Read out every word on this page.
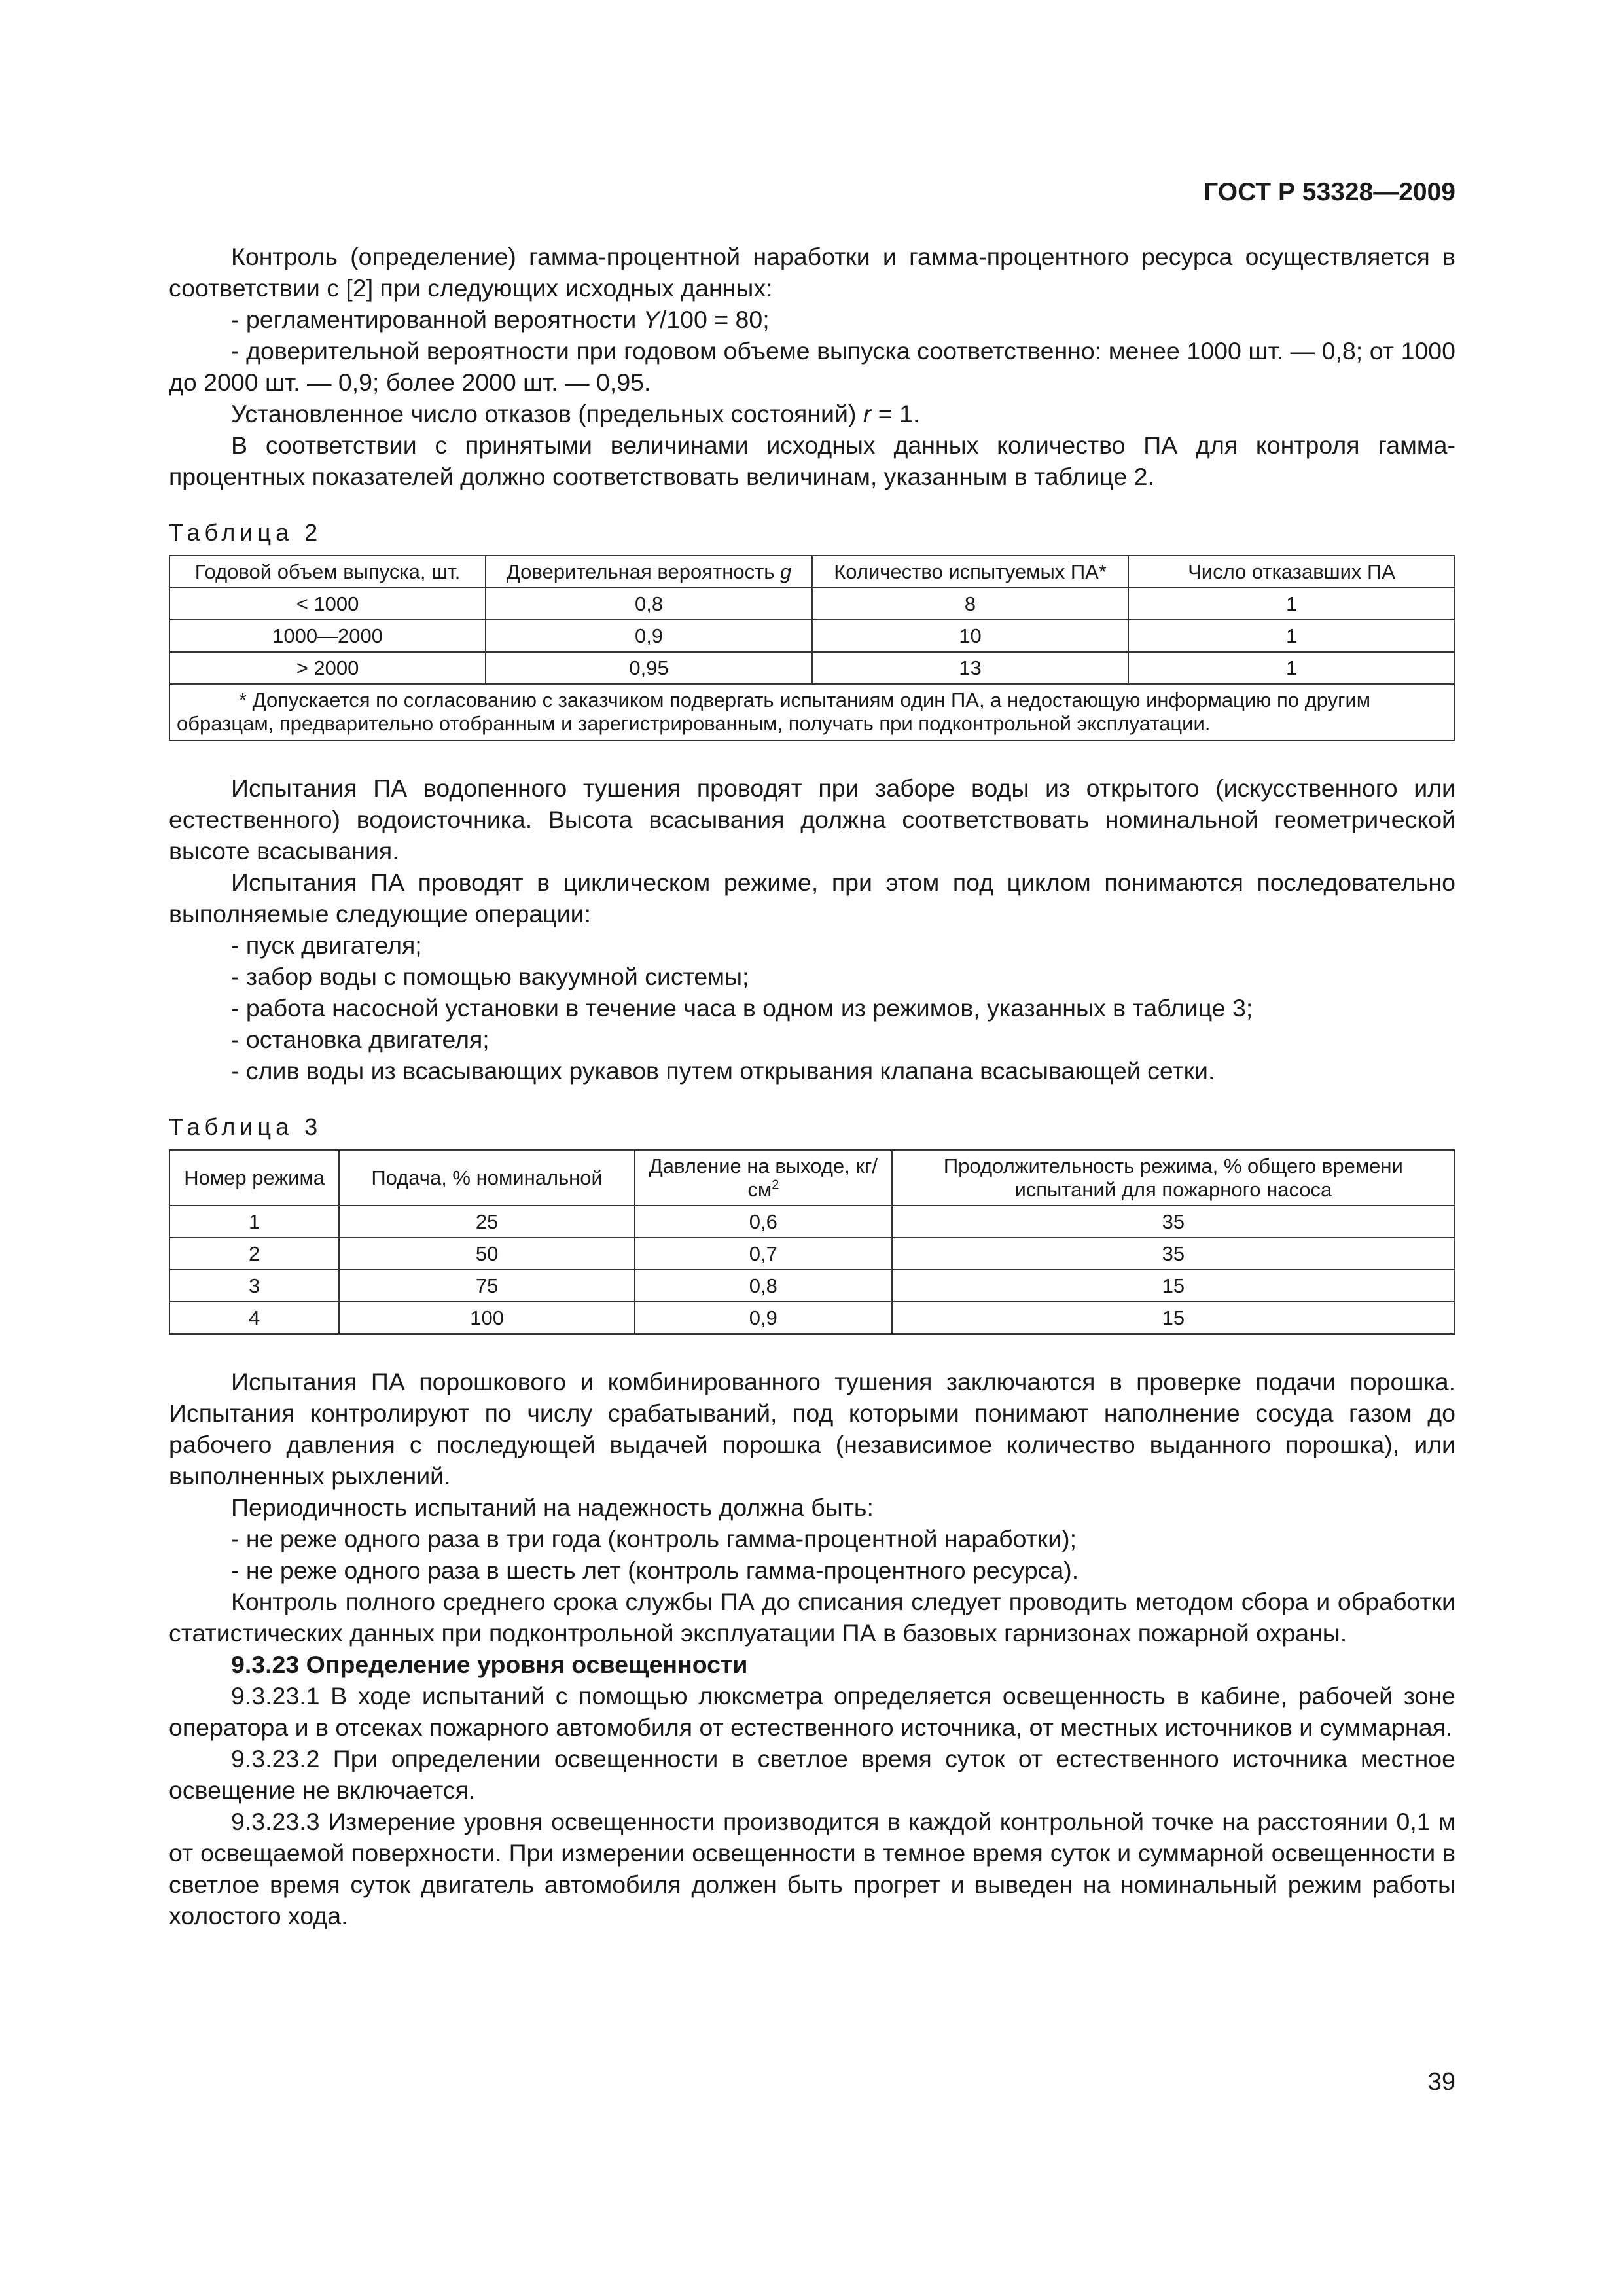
ГОСТ Р 53328—2009

Контроль (определение) гамма-процентной наработки и гамма-процентного ресурса осуществляется в соответствии с [2] при следующих исходных данных:

- регламентированной вероятности Y/100 = 80;

- доверительной вероятности при годовом объеме выпуска соответственно: менее 1000 шт. — 0,8; от 1000 до 2000 шт. — 0,9; более 2000 шт. — 0,95.

Установленное число отказов (предельных состояний) r = 1.

В соответствии с принятыми величинами исходных данных количество ПА для контроля гамма-процентных показателей должно соответствовать величинам, указанным в таблице 2.

Таблица 2
Годовой объем выпуска, шт.	Доверительная вероятность g	Количество испытуемых ПА*	Число отказавших ПА
< 1000	0,8	8	1
1000—2000	0,9	10	1
> 2000	0,95	13	1

* Допускается по согласованию с заказчиком подвергать испытаниям один ПА, а недостающую информацию по другим образцам, предварительно отобранным и зарегистрированным, получать при подконтрольной эксплуатации.			

Испытания ПА водопенного тушения проводят при заборе воды из открытого (искусственного или естественного) водоисточника. Высота всасывания должна соответствовать номинальной геометрической высоте всасывания.

Испытания ПА проводят в циклическом режиме, при этом под циклом понимаются последовательно выполняемые следующие операции:

- пуск двигателя;

- забор воды с помощью вакуумной системы;

- работа насосной установки в течение часа в одном из режимов, указанных в таблице 3;

- остановка двигателя;

- слив воды из всасывающих рукавов путем открывания клапана всасывающей сетки.

Таблица 3
Номер режима	Подача, % номинальной	Давление на выходе, $кг/см^2$	Продолжительность режима, % общего времени испытаний для пожарного насоса
1	25	0,6	35
2	50	0,7	35
3	75	0,8	15
4	100	0,9	15

Испытания ПА порошкового и комбинированного тушения заключаются в проверке подачи порошка. Испытания контролируют по числу срабатываний, под которыми понимают наполнение сосуда газом до рабочего давления с последующей выдачей порошка (независимое количество выданного порошка), или выполненных рыхлений.

Периодичность испытаний на надежность должна быть:

- не реже одного раза в три года (контроль гамма-процентной наработки);

- не реже одного раза в шесть лет (контроль гамма-процентного ресурса).

Контроль полного среднего срока службы ПА до списания следует проводить методом сбора и обработки статистических данных при подконтрольной эксплуатации ПА в базовых гарнизонах пожарной охраны.

9.3.23 Определение уровня освещенности

9.3.23.1 В ходе испытаний с помощью люксметра определяется освещенность в кабине, рабочей зоне оператора и в отсеках пожарного автомобиля от естественного источника, от местных источников и суммарная.

9.3.23.2 При определении освещенности в светлое время суток от естественного источника местное освещение не включается.

9.3.23.3 Измерение уровня освещенности производится в каждой контрольной точке на расстоянии 0,1 м от освещаемой поверхности. При измерении освещенности в темное время суток и суммарной освещенности в светлое время суток двигатель автомобиля должен быть прогрет и выведен на номинальный режим работы холостого хода.

39
